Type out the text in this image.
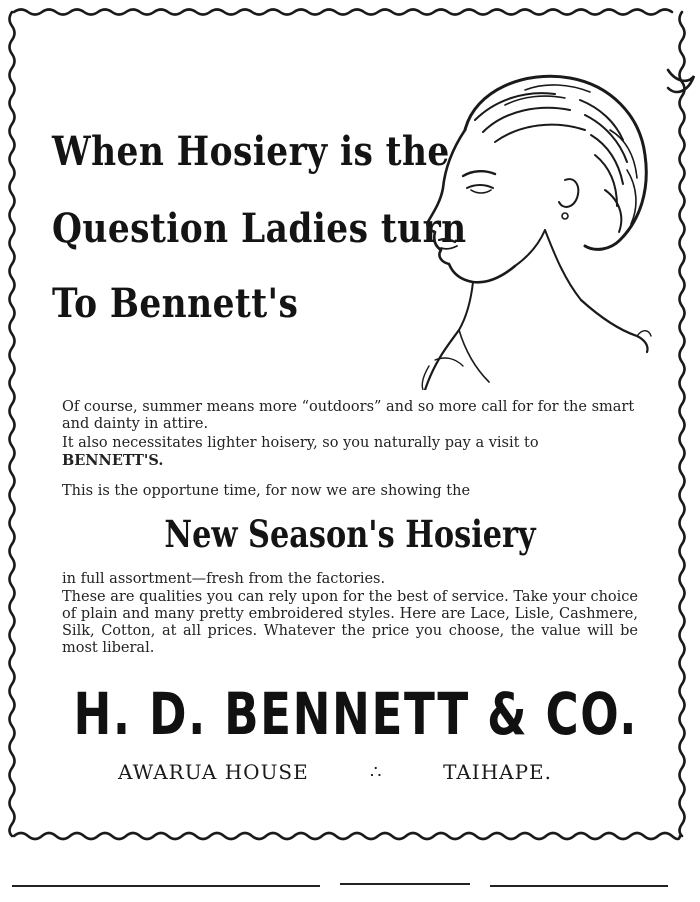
When Hosiery is the
Question Ladies turn
To Bennett's

Of course, summer means more “outdoors” and so more call for for the smart and dainty in attire.

It also necessitates lighter hoisery, so you naturally pay a visit to
BENNETT'S.

This is the opportune time, for now we are showing the

New Season's Hosiery

in full assortment—fresh from the factories.

These are qualities you can rely upon for the best of service. Take your choice of plain and many pretty embroidered styles. Here are Lace, Lisle, Cashmere, Silk, Cotton, at all prices. Whatever the price you choose, the value will be most liberal.

H. D. BENNETT & CO.
AWARUA HOUSE	∴	TAIHAPE.
